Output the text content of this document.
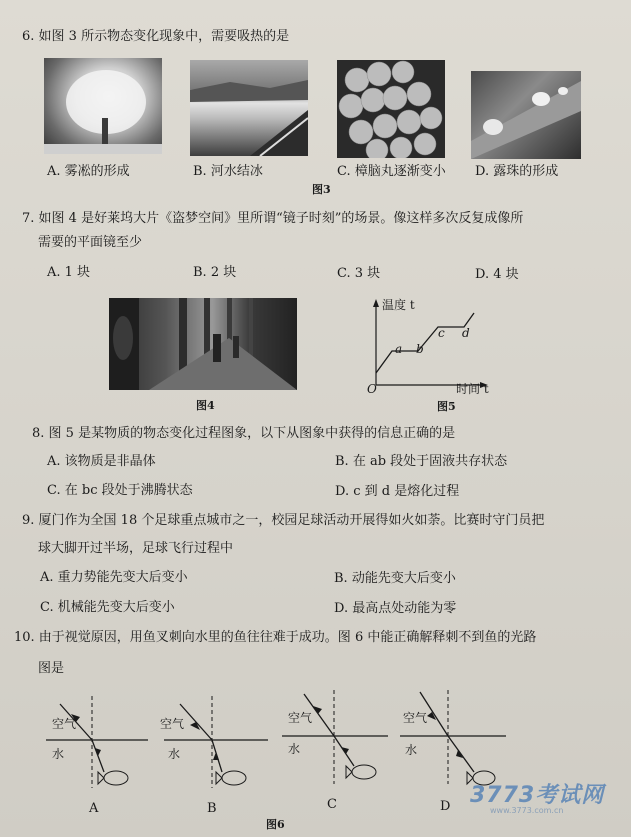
6. 如图 3 所示物态变化现象中，需要吸热的是
A. 雾凇的形成	B. 河水结冰	C. 樟脑丸逐渐变小 D. 露珠的形成
图3
7. 如图 4 是好莱坞大片《盗梦空间》里所谓“镜子时刻”的场景。像这样多次反复成像所
需要的平面镜至少
A. 1 块	B. 2 块	C. 3 块	D. 4 块
图4
温度 t
O	时间 t
a b
c d
图5
8. 图 5 是某物质的物态变化过程图象，以下从图象中获得的信息正确的是
A. 该物质是非晶体	B. 在 ab 段处于固液共存状态
C. 在 bc 段处于沸腾状态	D. c 到 d 是熔化过程
9. 厦门作为全国 18 个足球重点城市之一，校园足球活动开展得如火如荼。比赛时守门员把
球大脚开过半场，足球飞行过程中
A. 重力势能先变大后变小	B. 动能先变大后变小
C. 机械能先变大后变小	D. 最高点处动能为零
10. 由于视觉原因，用鱼叉刺向水里的鱼往往难于成功。图 6 中能正确解释刺不到鱼的光路
图是
空气
水
A
空气
水
B
空气
水
C
空气
水
D
图6
3773考试网
www.3773.com.cn
